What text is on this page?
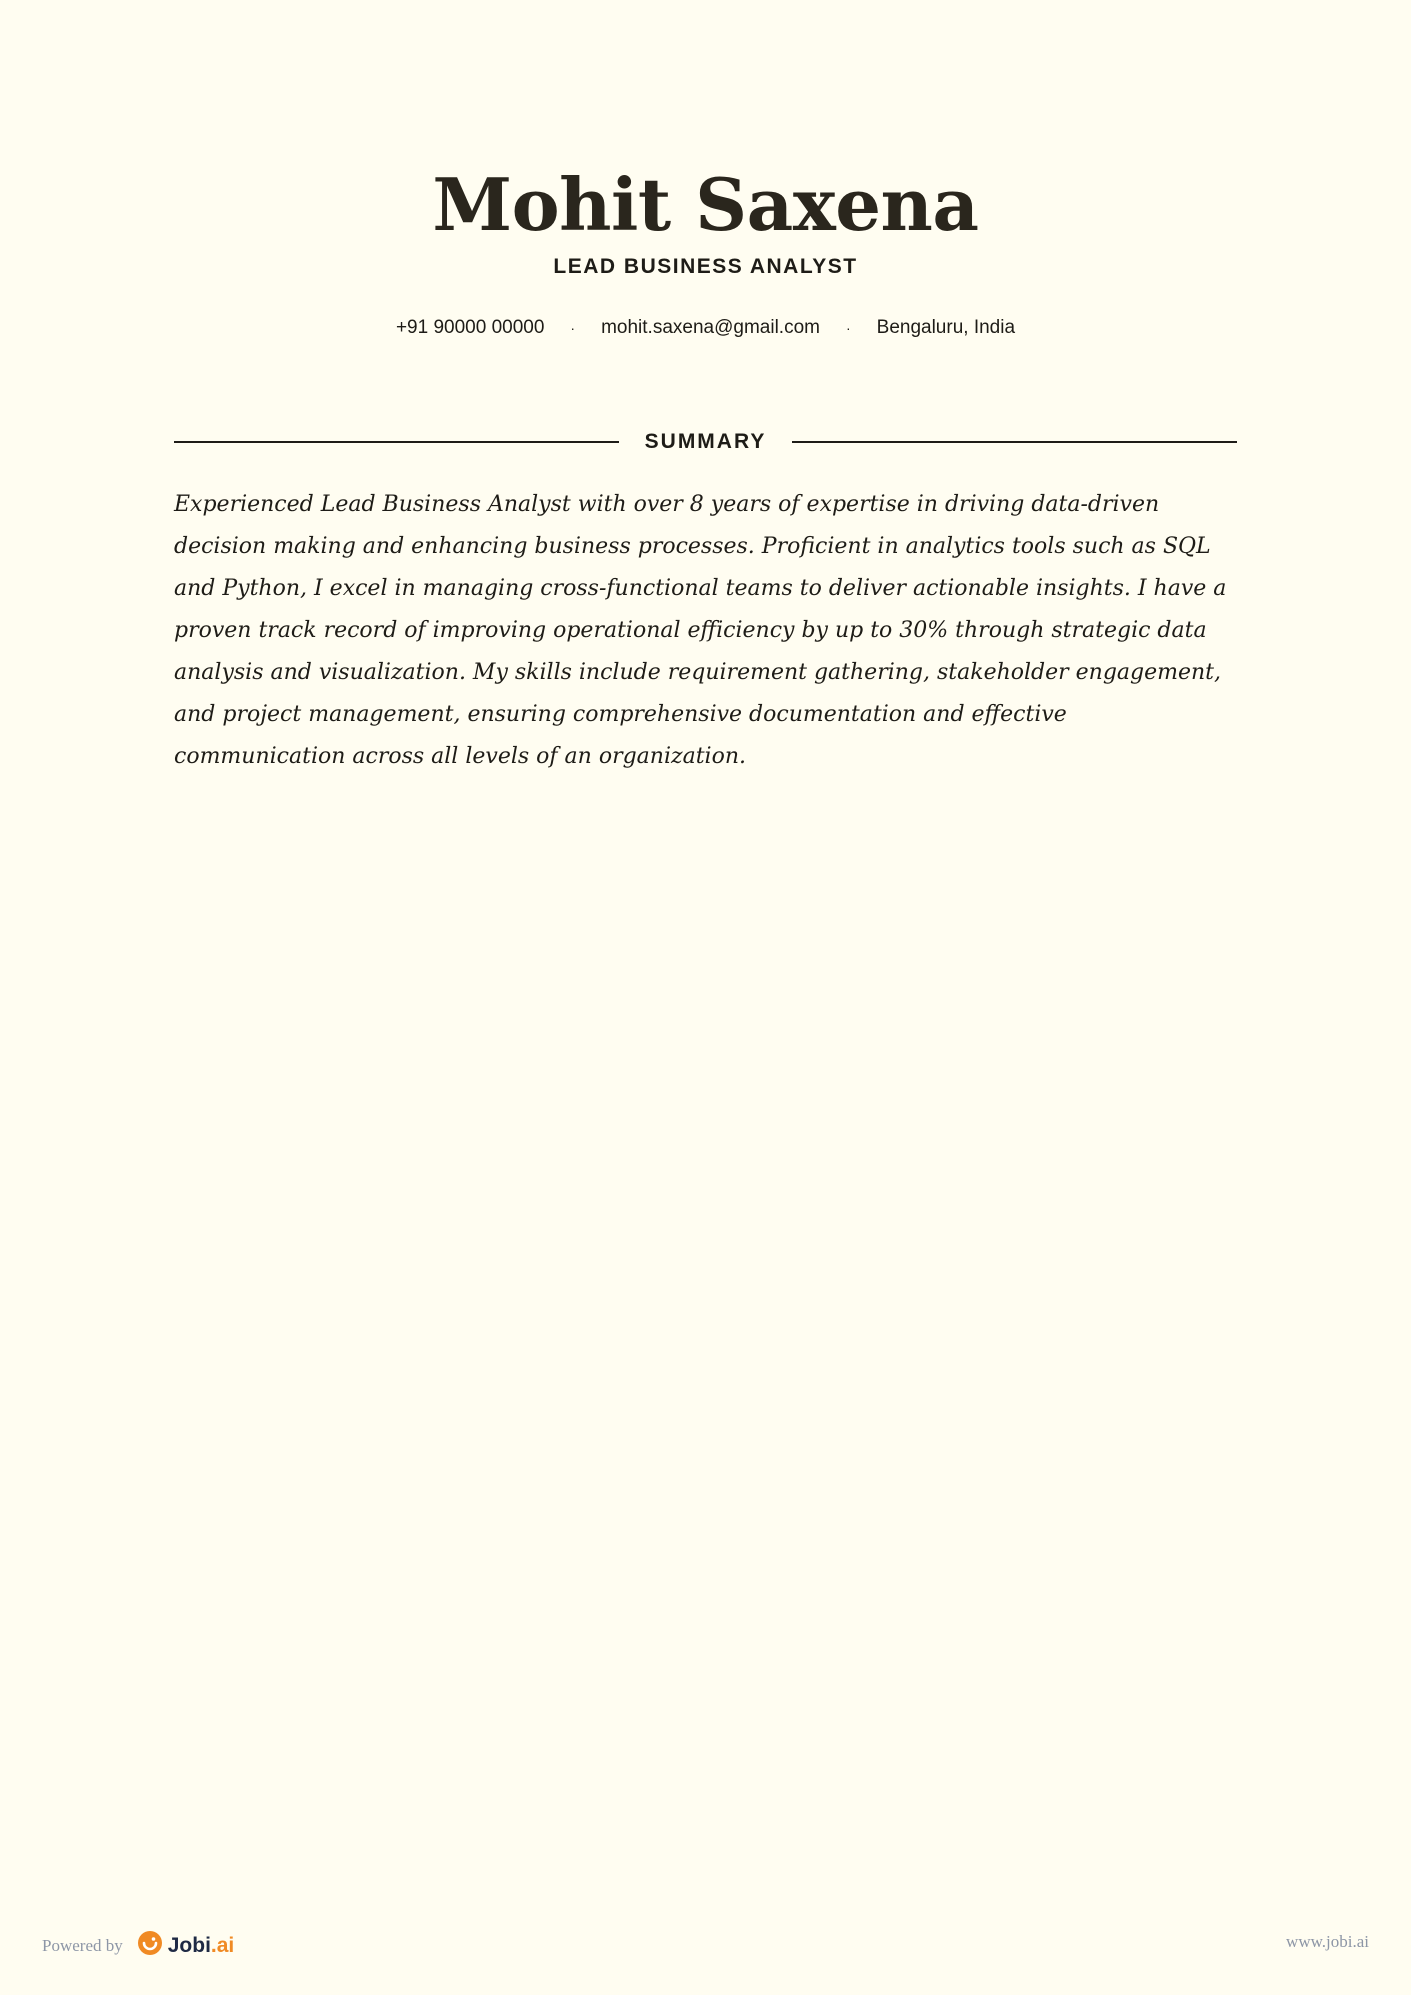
Mohit Saxena
LEAD BUSINESS ANALYST
+91 90000 00000 · mohit.saxena@gmail.com · Bengaluru, India
SUMMARY
Experienced Lead Business Analyst with over 8 years of expertise in driving data-driven decision making and enhancing business processes. Proficient in analytics tools such as SQL and Python, I excel in managing cross-functional teams to deliver actionable insights. I have a proven track record of improving operational efficiency by up to 30% through strategic data analysis and visualization. My skills include requirement gathering, stakeholder engagement, and project management, ensuring comprehensive documentation and effective communication across all levels of an organization.
Powered by Jobi.ai	www.jobi.ai
